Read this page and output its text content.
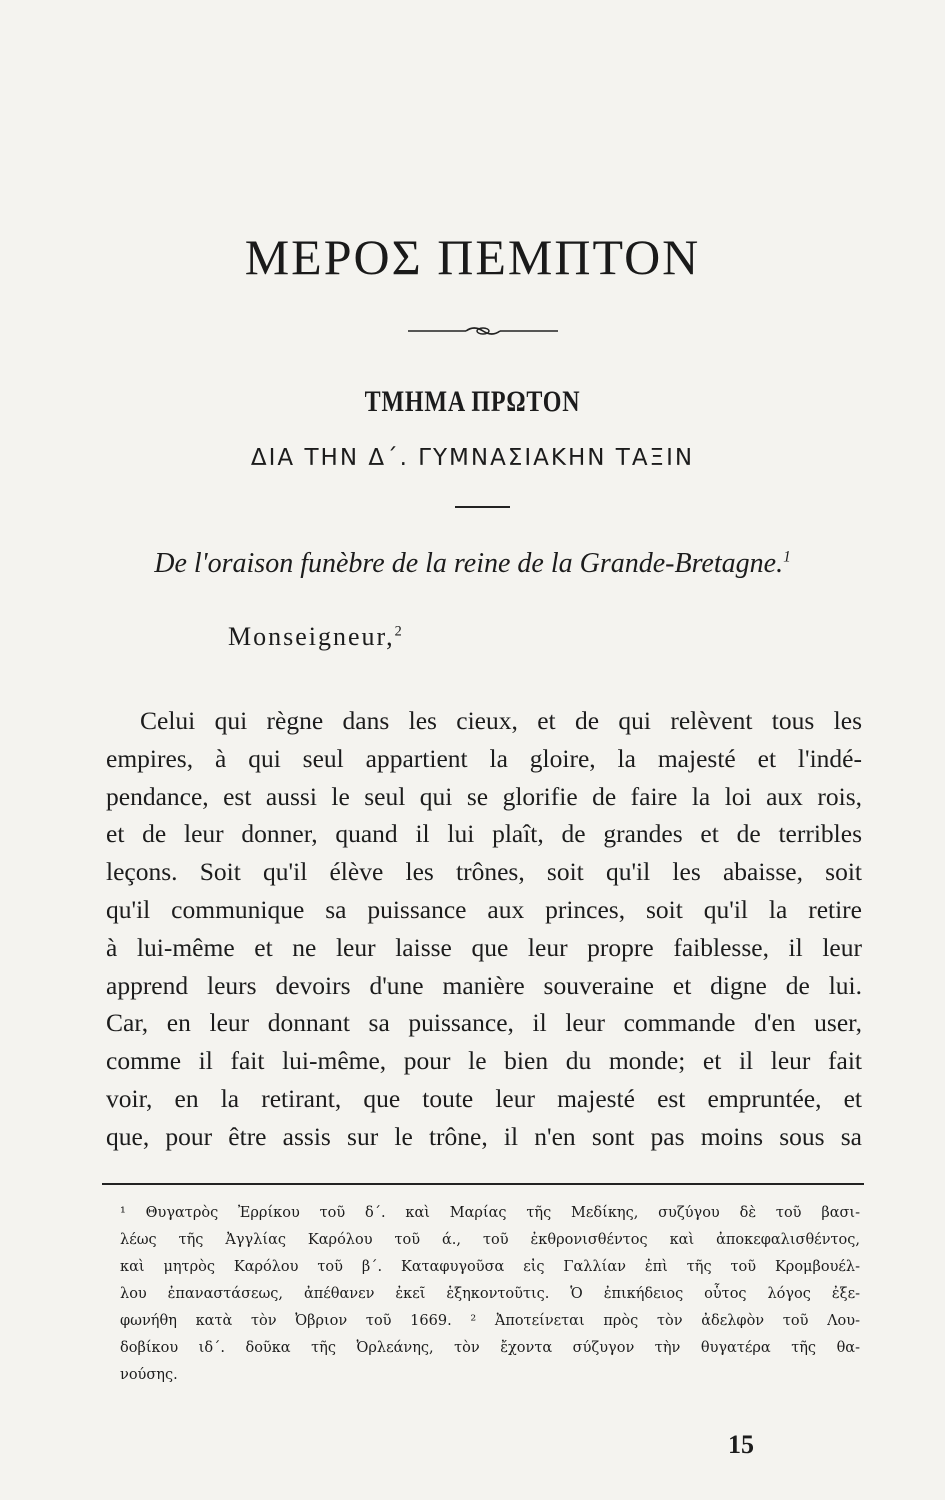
ΜΕΡΟΣ ΠΕΜΠΤΟΝ
ΤΜΗΜΑ ΠΡΩΤΟΝ
ΔΙΑ ΤΗΝ Δ΄. ΓΥΜΝΑΣΙΑΚΗΝ ΤΑΞΙΝ
De l'oraison funèbre de la reine de la Grande-Bretagne.$^1$
Monseigneur,$^2$
Celui qui règne dans les cieux, et de qui relèvent tous les
empires, à qui seul appartient la gloire, la majesté et l'indé-
pendance, est aussi le seul qui se glorifie de faire la loi aux rois,
et de leur donner, quand il lui plaît, de grandes et de terribles
leçons. Soit qu'il élève les trônes, soit qu'il les abaisse, soit
qu'il communique sa puissance aux princes, soit qu'il la retire
à lui-même et ne leur laisse que leur propre faiblesse, il leur
apprend leurs devoirs d'une manière souveraine et digne de lui.
Car, en leur donnant sa puissance, il leur commande d'en user,
comme il fait lui-même, pour le bien du monde; et il leur fait
voir, en la retirant, que toute leur majesté est empruntée, et
que, pour être assis sur le trône, il n'en sont pas moins sous sa
¹ Θυγατρὸς Ἐρρίκου τοῦ δ΄. καὶ Μαρίας τῆς Μεδίκης, συζύγου δὲ τοῦ βασι-
λέως τῆς Ἀγγλίας Καρόλου τοῦ ά., τοῦ ἐκθρονισθέντος καὶ ἀποκεφαλισθέντος,
καὶ μητρὸς Καρόλου τοῦ β΄. Καταφυγοῦσα εἰς Γαλλίαν ἐπὶ τῆς τοῦ Κρομβουέλ-
λου ἐπαναστάσεως, ἀπέθανεν ἐκεῖ ἑξηκοντοῦτις. Ὁ ἐπικήδειος οὗτος λόγος ἐξε-
φωνήθη κατὰ τὸν Ὀβριον τοῦ 1669. ² Ἀποτείνεται πρὸς τὸν ἀδελφὸν τοῦ Λου-
δοβίκου ιδ΄. δοῦκα τῆς Ὀρλεάνης, τὸν ἔχοντα σύζυγον τὴν θυγατέρα τῆς θα-
νούσης.
15
